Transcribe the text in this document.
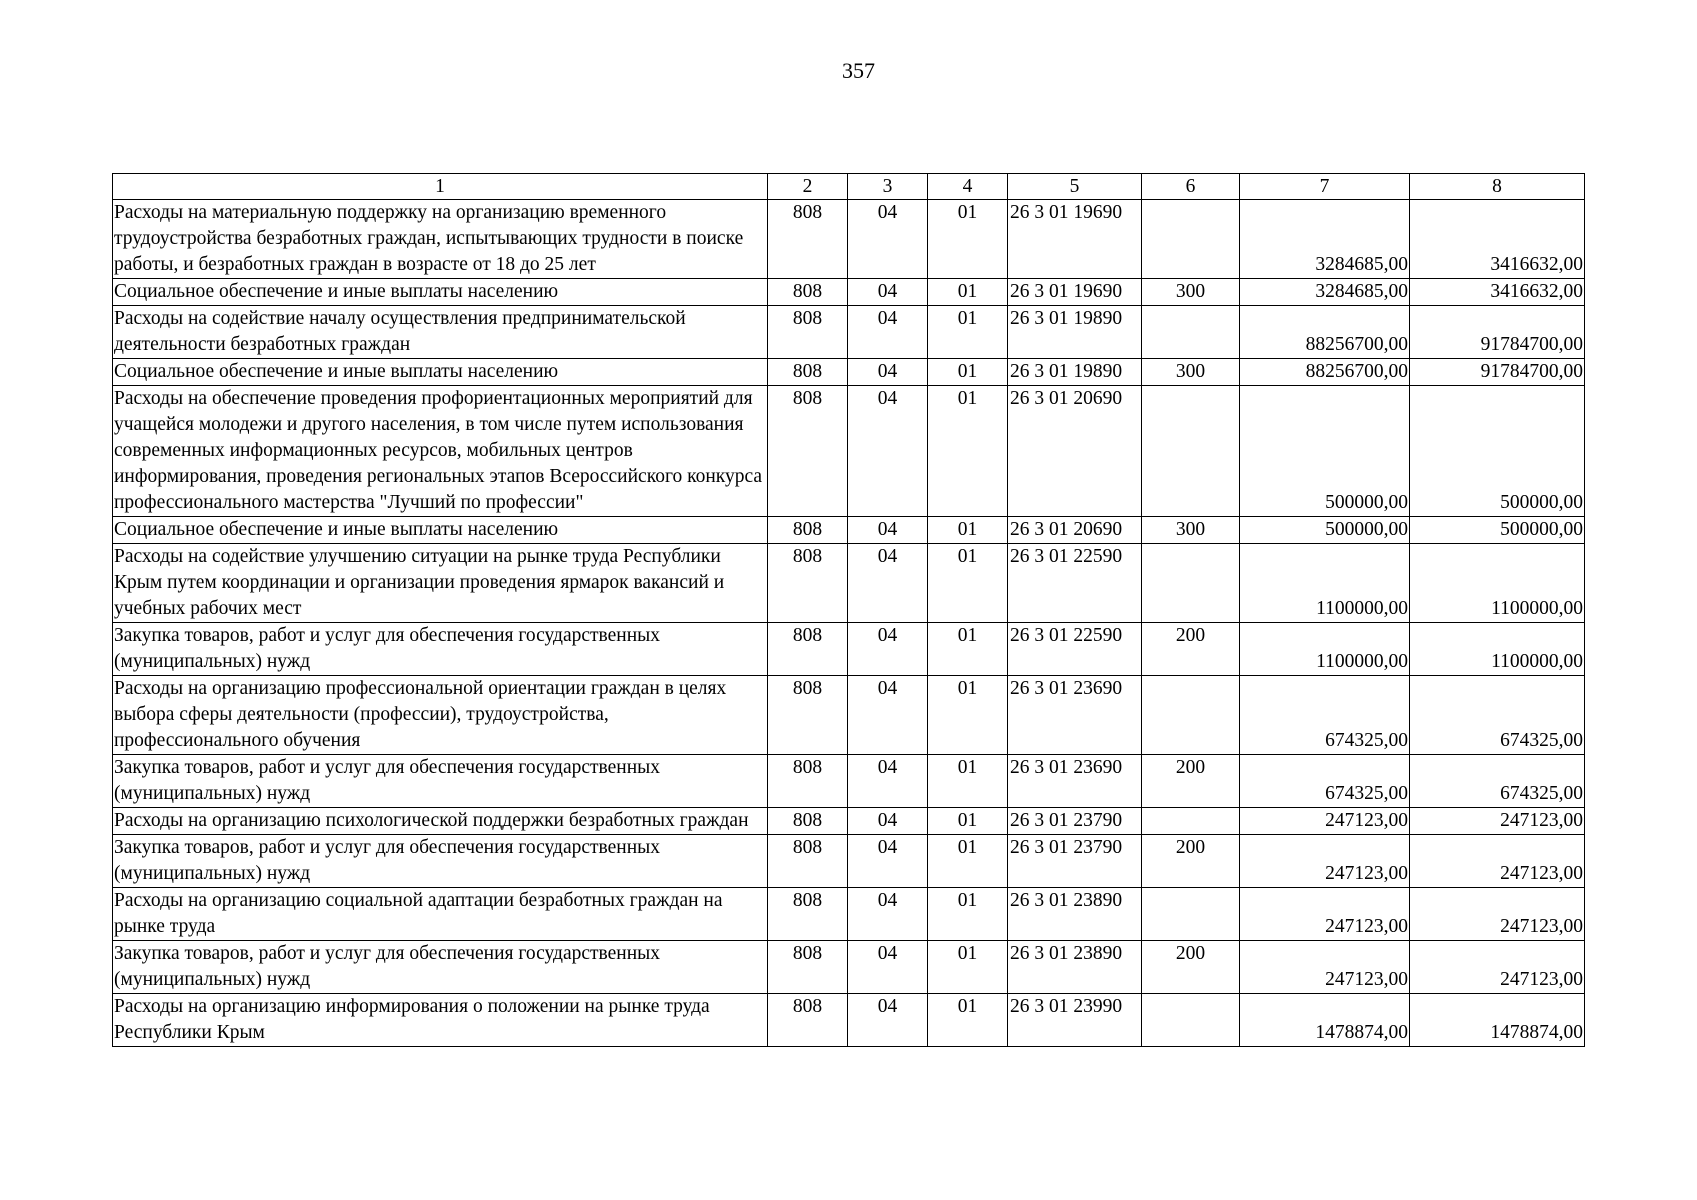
357
1	2	3	4	5	6	7	8
Расходы на материальную поддержку на организацию временного трудоустройства безработных граждан, испытывающих трудности в поиске работы, и безработных граждан в возрасте от 18 до 25 лет	808	04	01	26 3 01 19690		3284685,00	3416632,00
Социальное обеспечение и иные выплаты населению	808	04	01	26 3 01 19690	300	3284685,00	3416632,00
Расходы на содействие началу осуществления предпринимательской деятельности безработных граждан	808	04	01	26 3 01 19890		88256700,00	91784700,00
Социальное обеспечение и иные выплаты населению	808	04	01	26 3 01 19890	300	88256700,00	91784700,00
Расходы на обеспечение проведения профориентационных мероприятий для учащейся молодежи и другого населения, в том числе путем использования современных информационных ресурсов, мобильных центров информирования, проведения региональных этапов Всероссийского конкурса профессионального мастерства "Лучший по профессии"	808	04	01	26 3 01 20690		500000,00	500000,00
Социальное обеспечение и иные выплаты населению	808	04	01	26 3 01 20690	300	500000,00	500000,00
Расходы на содействие улучшению ситуации на рынке труда Республики Крым путем координации и организации проведения ярмарок вакансий и учебных рабочих мест	808	04	01	26 3 01 22590		1100000,00	1100000,00
Закупка товаров, работ и услуг для обеспечения государственных (муниципальных) нужд	808	04	01	26 3 01 22590	200	1100000,00	1100000,00
Расходы на организацию профессиональной ориентации граждан в целях выбора сферы деятельности (профессии), трудоустройства, профессионального обучения	808	04	01	26 3 01 23690		674325,00	674325,00
Закупка товаров, работ и услуг для обеспечения государственных (муниципальных) нужд	808	04	01	26 3 01 23690	200	674325,00	674325,00
Расходы на организацию психологической поддержки безработных граждан	808	04	01	26 3 01 23790		247123,00	247123,00
Закупка товаров, работ и услуг для обеспечения государственных (муниципальных) нужд	808	04	01	26 3 01 23790	200	247123,00	247123,00
Расходы на организацию социальной адаптации безработных граждан на рынке труда	808	04	01	26 3 01 23890		247123,00	247123,00
Закупка товаров, работ и услуг для обеспечения государственных (муниципальных) нужд	808	04	01	26 3 01 23890	200	247123,00	247123,00
Расходы на организацию информирования о положении на рынке труда Республики Крым	808	04	01	26 3 01 23990		1478874,00	1478874,00
